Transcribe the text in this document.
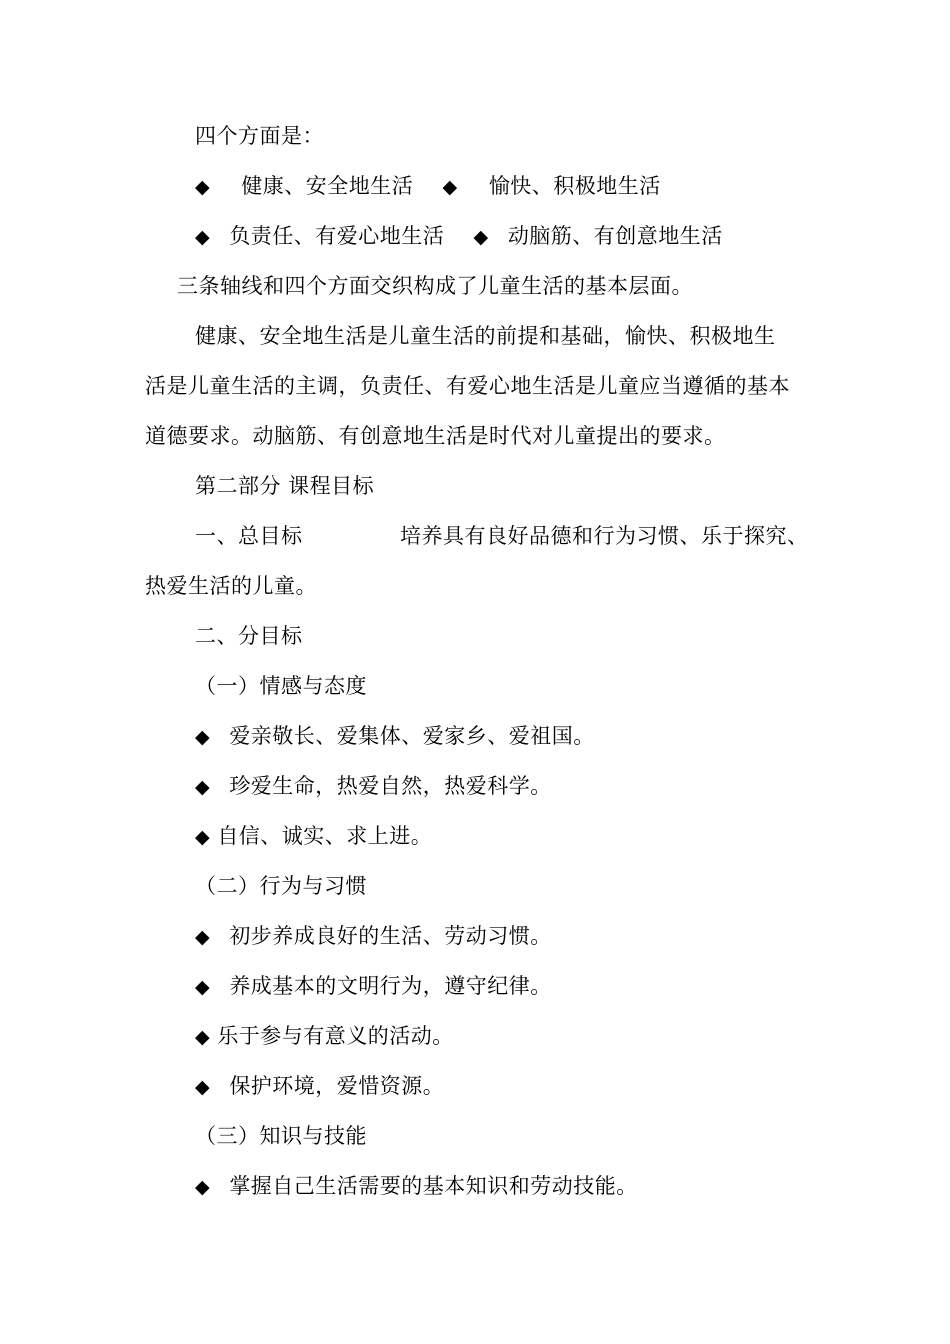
四个方面是：
◆ 健康、安全地生活 ◆ 愉快、积极地生活
◆ 负责任、有爱心地生活 ◆ 动脑筋、有创意地生活
三条轴线和四个方面交织构成了儿童生活的基本层面。
健康、安全地生活是儿童生活的前提和基础，愉快、积极地生
活是儿童生活的主调，负责任、有爱心地生活是儿童应当遵循的基本
道德要求。动脑筋、有创意地生活是时代对儿童提出的要求。
第二部分 课程目标
一、总目标	培养具有良好品德和行为习惯、乐于探究、
热爱生活的儿童。
二、分目标
（一）情感与态度
◆ 爱亲敬长、爱集体、爱家乡、爱祖国。
◆ 珍爱生命，热爱自然，热爱科学。
◆ 自信、诚实、求上进。
（二）行为与习惯
◆ 初步养成良好的生活、劳动习惯。
◆ 养成基本的文明行为，遵守纪律。
◆ 乐于参与有意义的活动。
◆ 保护环境，爱惜资源。
（三）知识与技能
◆ 掌握自己生活需要的基本知识和劳动技能。
